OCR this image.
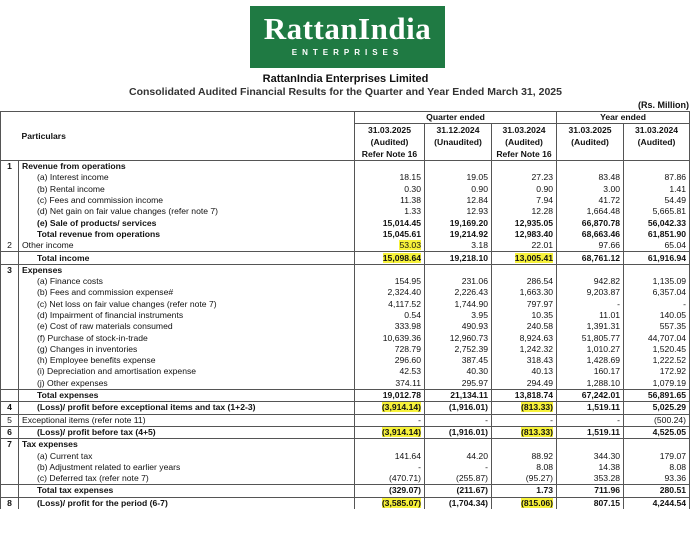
RattanIndia
ENTERPRISES
RattanIndia Enterprises Limited
Consolidated Audited Financial Results for the Quarter and Year Ended March 31, 2025
(Rs. Million)
	Particulars	Quarter ended			Year ended	
		31.03.2025	31.12.2024	31.03.2024	31.03.2025	31.03.2024
		(Audited)	(Unaudited)	(Audited)	(Audited)	(Audited)
		Refer Note 16		Refer Note 16		
1	Revenue from operations					
	(a) Interest income	18.15	19.05	27.23	83.48	87.86
	(b) Rental income	0.30	0.90	0.90	3.00	1.41
	(c) Fees and commission income	11.38	12.84	7.94	41.72	54.49
	(d) Net gain on fair value changes (refer note 7)	1.33	12.93	12.28	1,664.48	5,665.81
	(e) Sale of products/ services	15,014.45	19,169.20	12,935.05	66,870.78	56,042.33
	Total revenue from operations	15,045.61	19,214.92	12,983.40	68,663.46	61,851.90
2	Other income	53.03	3.18	22.01	97.66	65.04
	Total income	15,098.64	19,218.10	13,005.41	68,761.12	61,916.94
3	Expenses					
	(a) Finance costs	154.95	231.06	286.54	942.82	1,135.09
	(b) Fees and commission expense#	2,324.40	2,226.43	1,663.30	9,203.87	6,357.04
	(c) Net loss on fair value changes (refer note 7)	4,117.52	1,744.90	797.97	-	-
	(d) Impairment of financial instruments	0.54	3.95	10.35	11.01	140.05
	(e) Cost of raw materials consumed	333.98	490.93	240.58	1,391.31	557.35
	(f) Purchase of stock-in-trade	10,639.36	12,960.73	8,924.63	51,805.77	44,707.04
	(g) Changes in inventories	728.79	2,752.39	1,242.32	1,010.27	1,520.45
	(h) Employee benefits expense	296.60	387.45	318.43	1,428.69	1,222.52
	(i) Depreciation and amortisation expense	42.53	40.30	40.13	160.17	172.92
	(j) Other expenses	374.11	295.97	294.49	1,288.10	1,079.19
	Total expenses	19,012.78	21,134.11	13,818.74	67,242.01	56,891.65
4	(Loss)/ profit before exceptional items and tax (1+2-3)	(3,914.14)	(1,916.01)	(813.33)	1,519.11	5,025.29
5	Exceptional items (refer note 11)	-	-	-	-	(500.24)
6	(Loss)/ profit before tax (4+5)	(3,914.14)	(1,916.01)	(813.33)	1,519.11	4,525.05
7	Tax expenses					
	(a) Current tax	141.64	44.20	88.92	344.30	179.07
	(b) Adjustment related to earlier years	-	-	8.08	14.38	8.08
	(c) Deferred tax (refer note 7)	(470.71)	(255.87)	(95.27)	353.28	93.36
	Total tax expenses	(329.07)	(211.67)	1.73	711.96	280.51
8	(Loss)/ profit for the period (6-7)	(3,585.07)	(1,704.34)	(815.06)	807.15	4,244.54
